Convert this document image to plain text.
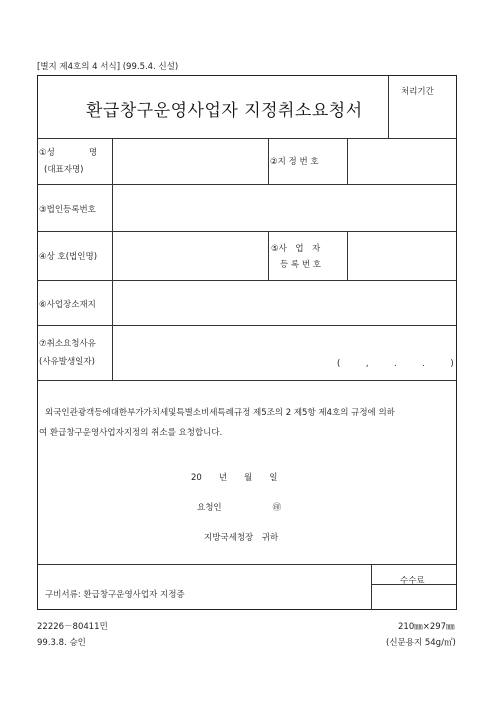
[별지 제4호의 4 서식] (99.5.4. 신설)
환급창구운영사업자 지정취소요청서
처리기간
①성　　　　명
(대표자명)
②지 정 번 호
③법인등록번호
④상 호(법인명)
⑤사　업　자
등 록 번 호
⑥사업장소재지
⑦취소요청사유
(사유발생일자)	(　　　,　　　.　　　.　　　)
외국인관광객등에대한부가가치세및특별소비세특례규정 제5조의 2 제5항 제4호의 규정에 의하
여 환급창구운영사업자지정의 취소를 요청합니다.
20　　년　　월　　일
요청인　　　　　　㊞
지방국세청장　귀하
구비서류: 환급창구운영사업자 지정증
수수료
22226－80411민
99.3.8. 승인
210㎜×297㎜
(신문용지 54g/㎡)
